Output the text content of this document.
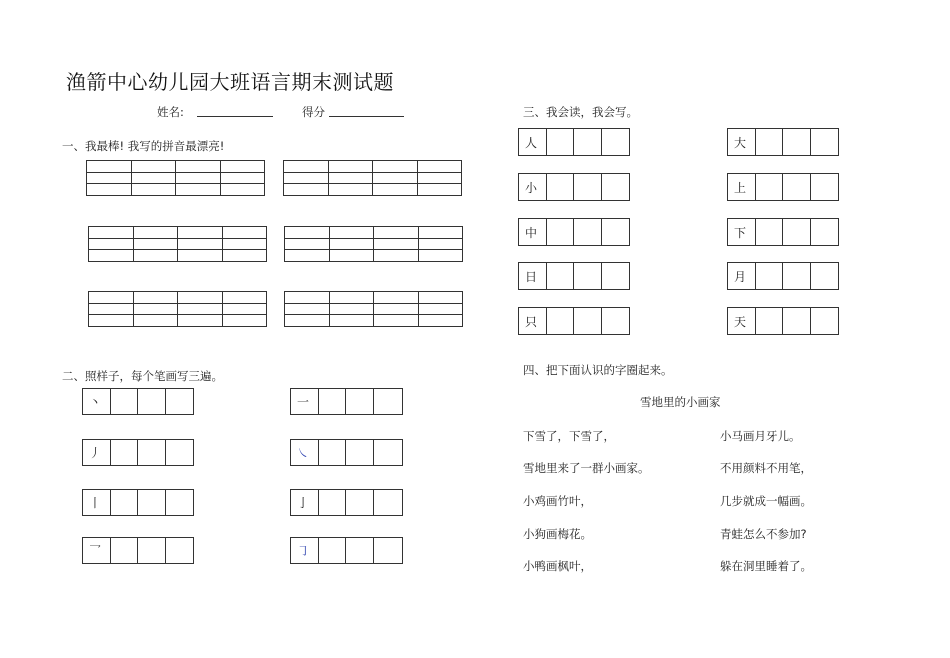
渔箭中心幼儿园大班语言期末测试题
姓名:	得分
一、我最棒! 我写的拼音最漂亮!
二、照样子，每个笔画写三遍。
丶
丿
丨
乛
一
㇏
亅
㇆
三、我会读，我会写。
人
小
中
日
只
大
上
下
月
天
四、把下面认识的字圈起来。
雪地里的小画家
下雪了，下雪了，
雪地里来了一群小画家。
小鸡画竹叶，
小狗画梅花。
小鸭画枫叶，
小马画月牙儿。
不用颜料不用笔，
几步就成一幅画。
青蛙怎么不参加?
躲在洞里睡着了。
